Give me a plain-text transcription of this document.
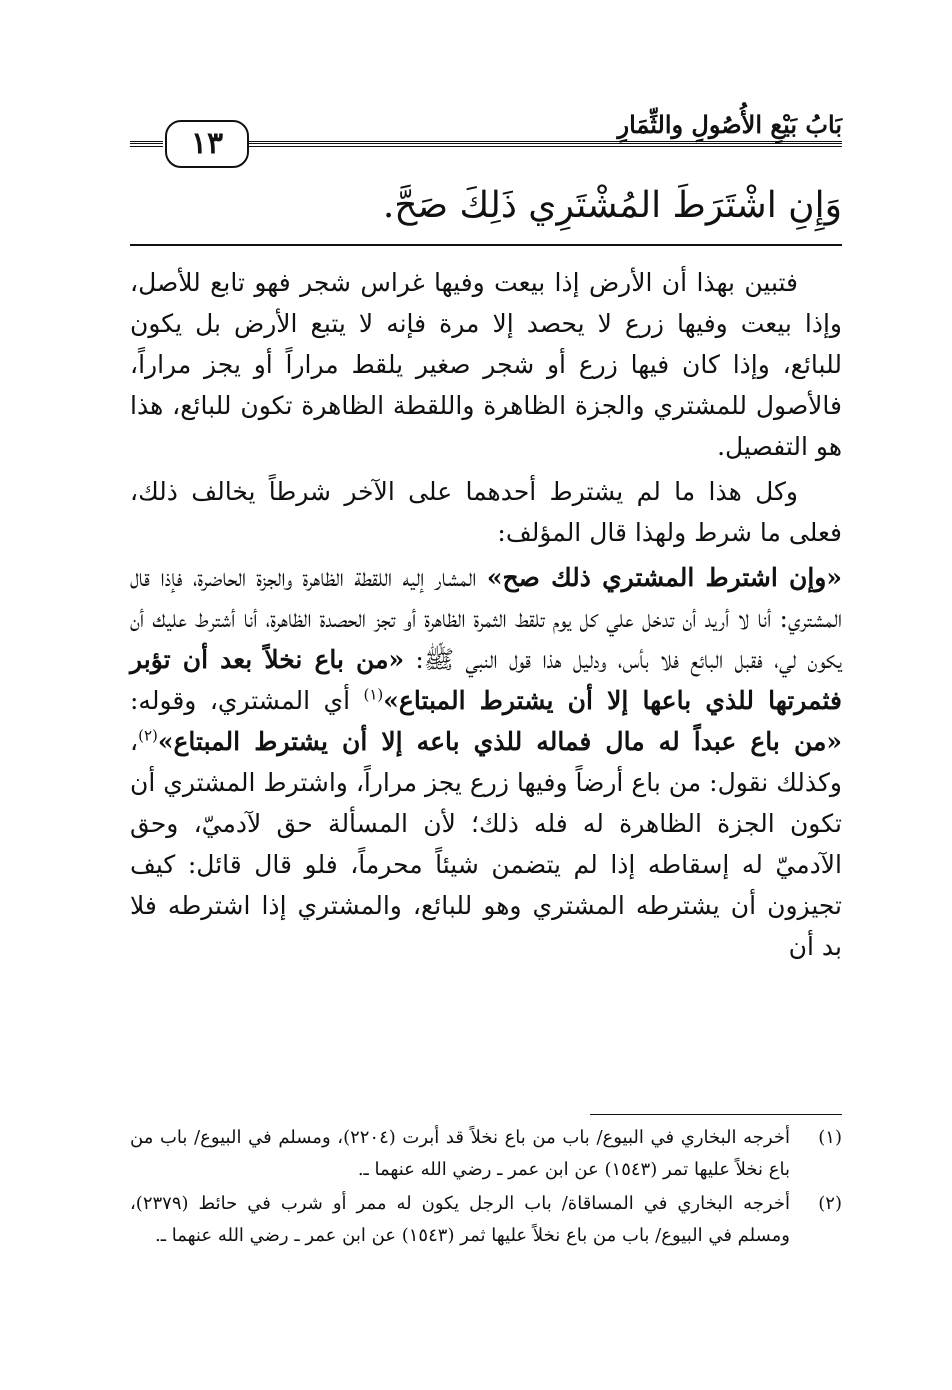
١٣
بَابُ بَيْعِ الأُصُولِ والثِّمَارِ
وَإِنِ اشْتَرَطَ المُشْتَرِي ذَلِكَ صَحَّ.

فتبين بهذا أن الأرض إذا بيعت وفيها غراس شجر فهو تابع للأصل، وإذا بيعت وفيها زرع لا يحصد إلا مرة فإنه لا يتبع الأرض بل يكون للبائع، وإذا كان فيها زرع أو شجر صغير يلقط مراراً أو يجز مراراً، فالأصول للمشتري والجزة الظاهرة واللقطة الظاهرة تكون للبائع، هذا هو التفصيل.

وكل هذا ما لم يشترط أحدهما على الآخر شرطاً يخالف ذلك، فعلى ما شرط ولهذا قال المؤلف:

«وإن اشترط المشتري ذلك صح» المشار إليه اللقطة الظاهرة والجزة الحاضرة، فإذا قال المشتري: أنا لا أريد أن تدخل علي كل يوم تلقط الثمرة الظاهرة أو تجز الحصدة الظاهرة، أنا أشترط عليك أن يكون لي، فقبل البائع فلا بأس، ودليل هذا قول النبي ﷺ: «من باع نخلاً بعد أن تؤبر فثمرتها للذي باعها إلا أن يشترط المبتاع»$^{(١)}$ أي المشتري، وقوله: «من باع عبداً له مال فماله للذي باعه إلا أن يشترط المبتاع»$^{(٢)}$، وكذلك نقول: من باع أرضاً وفيها زرع يجز مراراً، واشترط المشتري أن تكون الجزة الظاهرة له فله ذلك؛ لأن المسألة حق لآدميّ، وحق الآدميّ له إسقاطه إذا لم يتضمن شيئاً محرماً، فلو قال قائل: كيف تجيزون أن يشترطه المشتري وهو للبائع، والمشتري إذا اشترطه فلا بد أن

(١)
أخرجه البخاري في البيوع/ باب من باع نخلاً قد أبرت (٢٢٠٤)، ومسلم في البيوع/ باب من باع نخلاً عليها تمر (١٥٤٣) عن ابن عمر ـ رضي الله عنهما ـ.
(٢)
أخرجه البخاري في المساقاة/ باب الرجل يكون له ممر أو شرب في حائط (٢٣٧٩)، ومسلم في البيوع/ باب من باع نخلاً عليها ثمر (١٥٤٣) عن ابن عمر ـ رضي الله عنهما ـ.
